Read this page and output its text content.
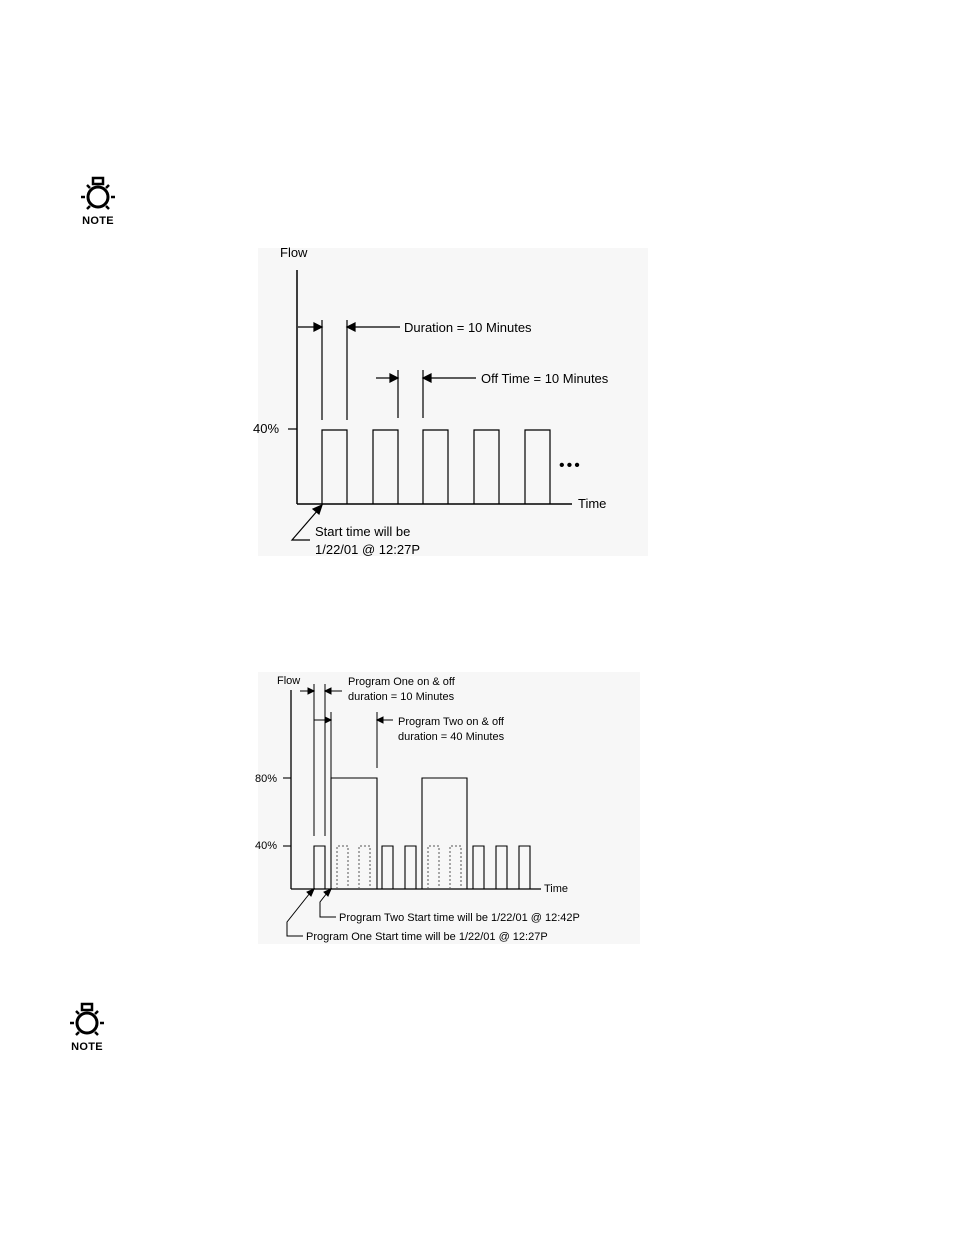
NOTE
Flow
Time
40%
•••
Duration = 10 Minutes
Off Time = 10 Minutes
Start time will be
1/22/01 @ 12:27P
Flow
Time
80%
40%
Program One on & off
duration = 10 Minutes
Program Two on & off
duration = 40 Minutes
Program Two Start time will be 1/22/01 @ 12:42P
Program One Start time will be 1/22/01 @ 12:27P
NOTE
